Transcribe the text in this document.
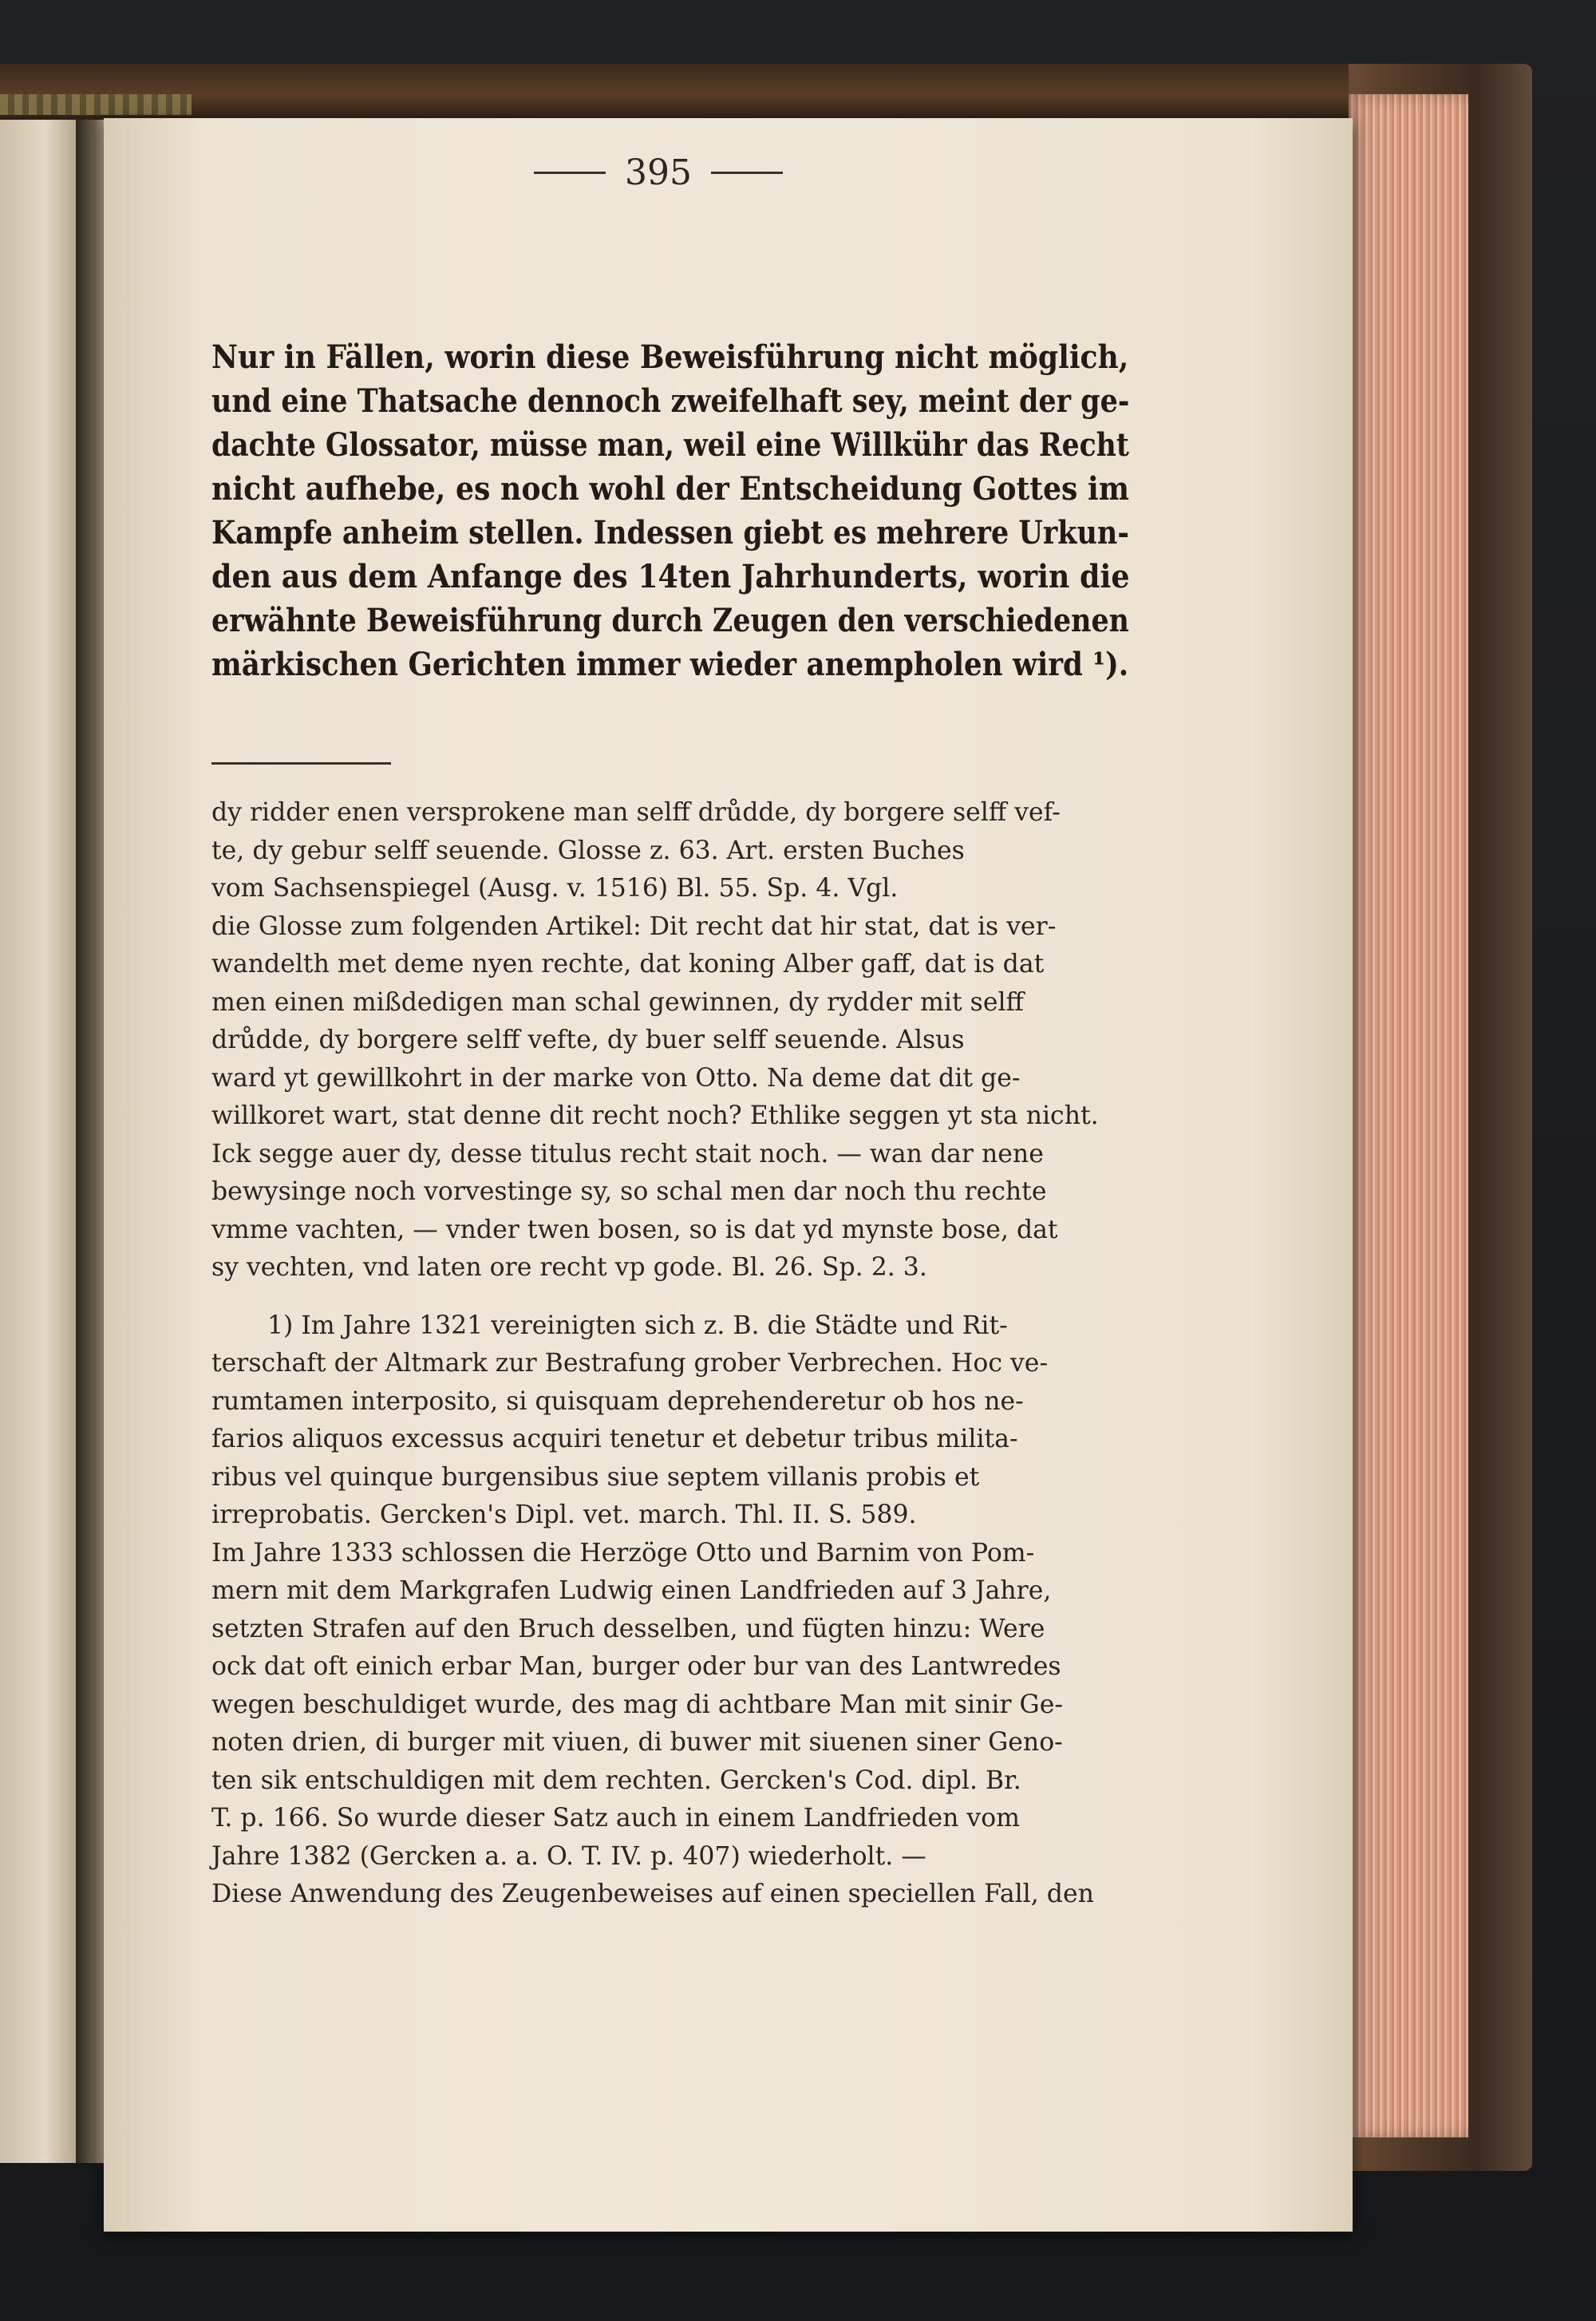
395
Nur in Fällen, worin diese Beweisführung nicht möglich,
und eine Thatsache dennoch zweifelhaft sey, meint der ge-
dachte Glossator, müsse man, weil eine Willkühr das Recht
nicht aufhebe, es noch wohl der Entscheidung Gottes im
Kampfe anheim stellen. Indessen giebt es mehrere Urkun-
den aus dem Anfange des 14ten Jahrhunderts, worin die
erwähnte Beweisführung durch Zeugen den verschiedenen
märkischen Gerichten immer wieder anempholen wird ¹).
dy ridder enen versprokene man selff drůdde, dy borgere selff vef-
te, dy gebur selff seuende. Glosse z. 63. Art. ersten Buches
vom Sachsenspiegel (Ausg. v. 1516) Bl. 55. Sp. 4. Vgl.
die Glosse zum folgenden Artikel: Dit recht dat hir stat, dat is ver-
wandelth met deme nyen rechte, dat koning Alber gaff, dat is dat
men einen mißdedigen man schal gewinnen, dy rydder mit selff
drůdde, dy borgere selff vefte, dy buer selff seuende. Alsus
ward yt gewillkohrt in der marke von Otto. Na deme dat dit ge-
willkoret wart, stat denne dit recht noch? Ethlike seggen yt sta nicht.
Ick segge auer dy, desse titulus recht stait noch. — wan dar nene
bewysinge noch vorvestinge sy, so schal men dar noch thu rechte
vmme vachten, — vnder twen bosen, so is dat yd mynste bose, dat
sy vechten, vnd laten ore recht vp gode. Bl. 26. Sp. 2. 3.
1) Im Jahre 1321 vereinigten sich z. B. die Städte und Rit-
terschaft der Altmark zur Bestrafung grober Verbrechen. Hoc ve-
rumtamen interposito, si quisquam deprehenderetur ob hos ne-
farios aliquos excessus acquiri tenetur et debetur tribus milita-
ribus vel quinque burgensibus siue septem villanis probis et
irreprobatis. Gercken's Dipl. vet. march. Thl. II. S. 589.
Im Jahre 1333 schlossen die Herzöge Otto und Barnim von Pom-
mern mit dem Markgrafen Ludwig einen Landfrieden auf 3 Jahre,
setzten Strafen auf den Bruch desselben, und fügten hinzu: Were
ock dat oft einich erbar Man, burger oder bur van des Lantwredes
wegen beschuldiget wurde, des mag di achtbare Man mit sinir Ge-
noten drien, di burger mit viuen, di buwer mit siuenen siner Geno-
ten sik entschuldigen mit dem rechten. Gercken's Cod. dipl. Br.
T. p. 166. So wurde dieser Satz auch in einem Landfrieden vom
Jahre 1382 (Gercken a. a. O. T. IV. p. 407) wiederholt. —
Diese Anwendung des Zeugenbeweises auf einen speciellen Fall, den
